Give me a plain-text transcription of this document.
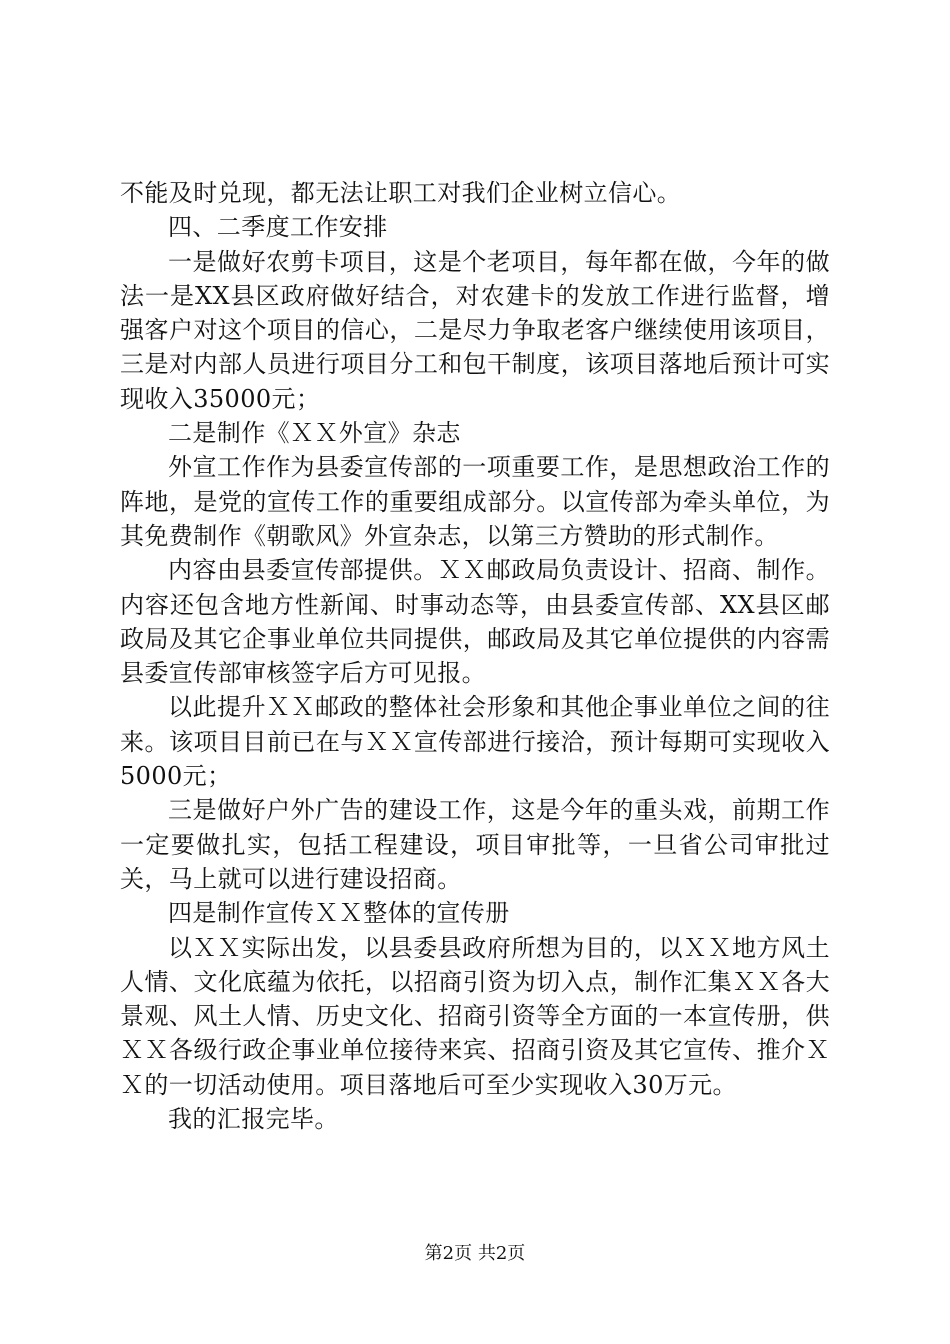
不能及时兑现，都无法让职工对我们企业树立信心。

四、二季度工作安排

一是做好农剪卡项目，这是个老项目，每年都在做，今年的做法一是XX县区政府做好结合，对农建卡的发放工作进行监督，增强客户对这个项目的信心，二是尽力争取老客户继续使用该项目，三是对内部人员进行项目分工和包干制度，该项目落地后预计可实现收入35000元；

二是制作《ＸＸ外宣》杂志

外宣工作作为县委宣传部的一项重要工作，是思想政治工作的阵地，是党的宣传工作的重要组成部分。以宣传部为牵头单位，为其免费制作《朝歌风》外宣杂志，以第三方赞助的形式制作。

内容由县委宣传部提供。ＸＸ邮政局负责设计、招商、制作。内容还包含地方性新闻、时事动态等，由县委宣传部、XX县区邮政局及其它企事业单位共同提供，邮政局及其它单位提供的内容需县委宣传部审核签字后方可见报。

以此提升ＸＸ邮政的整体社会形象和其他企事业单位之间的往来。该项目目前已在与ＸＸ宣传部进行接洽，预计每期可实现收入5000元；

三是做好户外广告的建设工作，这是今年的重头戏，前期工作一定要做扎实，包括工程建设，项目审批等，一旦省公司审批过关，马上就可以进行建设招商。

四是制作宣传ＸＸ整体的宣传册

以ＸＸ实际出发，以县委县政府所想为目的，以ＸＸ地方风土人情、文化底蕴为依托，以招商引资为切入点，制作汇集ＸＸ各大景观、风土人情、历史文化、招商引资等全方面的一本宣传册，供ＸＸ各级行政企事业单位接待来宾、招商引资及其它宣传、推介ＸＸ的一切活动使用。项目落地后可至少实现收入30万元。

我的汇报完毕。

第2页 共2页
